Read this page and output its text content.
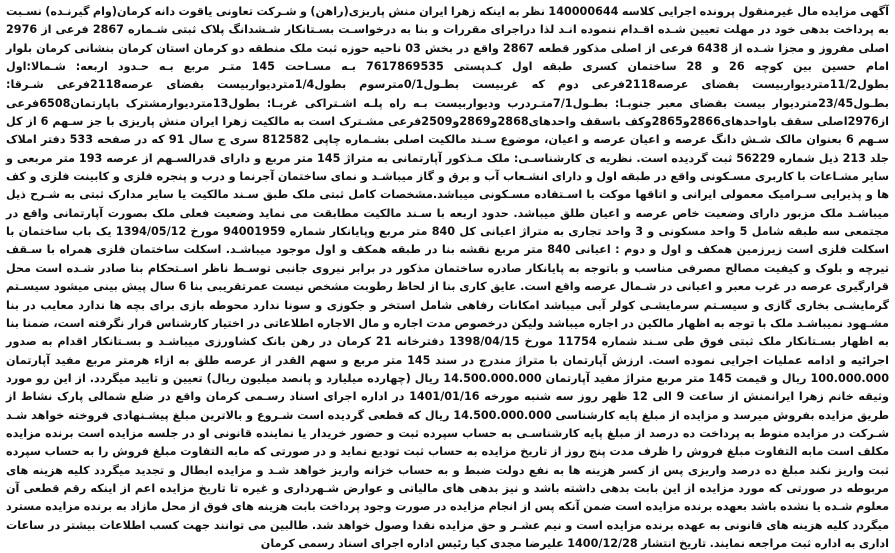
آگهی مزایده مال غیرمنقول پرونده اجرایی کلاسه 140000644 نظر به اینکه زهرا ایران منش پاریزی(راهن) و شـرکت تعاونی یاقوت دانه کرمان(وام گیرنـده) نسـبت به پرداخت بدهی خود در مهلت تعیین شـده اقـدام ننموده انـد لذا دراجرای مقررات و بنا به درخواسـت بسـتانکار شـشدانگ پلاک ثبتی شـماره 2867 فرعی از 2976 اصلی مفروز و مجزا شـده از 6438 فرعی از اصلی مذکور قطعه 2867 واقع در بخش 03 ناحیه حوزه ثبت ملک منطقه دو کرمان استان کرمان بنشانی کرمان بلوار امام حسین بین کوچه 26 و 28 ساختمان کسری طبقه اول کـدپستی 7617869535 بـه مسـاحت 145 متـر مربع بـه حـدود اربعه: شـمالا:اول بطول11/2متردیواربیست بفضای عرصه2118فرعی دوم که غربیست بطـول0/1مترسوم بطول1/4متردیواربیست بفضای عرصه2118فرعی شـرقا: بطـول23/45متردیوار بیست بفضای معبر جنوبـا: بطـول7/1متـردرب وديواربيست بـه راه پلـه اشـتراکی غربـا: بطول13مترديوارمشترک باپارتمان6508فرعی از2976اصلی سقف باواحدهای2866و2865وکف باسقف واحدهای2868و2869و2509فرعی مشـترک است به مالکیت زهرا ایران منش پاریزی با جز سـهم 6 از کل سـهم 6 بعنوان مالک شـش دانگ عرصه و اعیان عرصه و اعیان، موضوع سـند مالکیت اصلی بشـماره چاپی 812582 سری ج سال 91 که در صفحه 533 دفتر املاک جلد 213 ذیل شماره 56229 ثبت گردیده است. نظریه ی کارشناسـی: ملک مـذکور آپارتمانی به متراژ 145 متر مربع و دارای قدرالسـهم از عرصه 193 متر مربعی و سایر مشـاعات با کاربری مسـکونی واقع در طبقه اول و دارای انشـعاب آب و برق و گاز میباشـد و نمای ساختمان آجرنما و درب و پنجره فلزی و کابینت فلزی و کف ها و پذیرایی سـرامیک معمولی ایرانی و اتاقها موکت با اسـتفاده مسـکونی میباشد.مشخصات کامل ثبتی ملک طبق سـند مالکیت یا سایر مدارک ثبتی به شـرح ذیل میباشـد ملک مزبور دارای وضعیت خاص عرصه و اعیان طلق میباشد. حدود اربعه با سـند مالکیت مطابقت می نماید وضعیت فعلی ملک بصورت آپارتمانی واقع در مجتمعی سه طبقه شامل 5 واحد مسکونی و 3 واحد تجاری به متراژ اعیانی کل 840 متر مربع وپایانکار شماره 94001959 مورخ 1394/05/12 یک باب ساختمان با اسکلت فلزی است زیرزمین همکف و اول و دوم : اعیانی 840 متر مربع نقشه بنا در طبقه همکف و اول موجود میباشـد. اسکلت ساختمان فلزی همراه با سـقف تیرچه و بلوک و کیفیت مصالح مصرفی مناسب و باتوجه به پایانکار صادره ساختمان مذکور در برابر نیروی جانبی توسـط ناظر اسـتحکام بنا صادر شـده است محل قرارگیری عرصه در غرب معبر و اعیانی در شـمال عرصه واقع است. عایق کاری بنا از لحاظ رطوبت مشخص نیست عمرتقریبی بنا 6 سال پیش بینی میشود سیسـتم گرمایشـی بخاری گازی و سیسـتم سرمایشـی کولر آبی میباشد امکانات رفاهی شامل استخر و جکوزی و سونا ندارد محوطه بازی برای بچه ها ندارد معایب در بنا مشـهود نمیباشـد ملک با توجه به اظهار مالکین در اجاره میباشد ولیکن درخصوص مدت اجاره و مال الاجاره اطلاعاتی در اختیار کارشناس قرار نگرفته است، ضمنا بنا به اظهار بسـتانکار ملک ثبتی فوق طی سـند شماره 11754 مورخ 1398/04/15 دفترخانه 21 کرمان در رهن بانک کشاورزی میباشـد و بسـتانکار اقدام به صدور اجرائیه و ادامه عملیات اجرایی نموده است. ارزش آپارتمان با متراژ مندرج در سند 145 متر مربع و سهم القدر از عرصه طلق به ازاء هرمتر مربع مفید آپارتمان 100.000.000 ریال و قیمت 145 متر مربع متراژ مفید آپارتمان 14.500.000.000 ریال (چهارده میلیارد و پانصد میلیون ریال) تعیین و تایید میگردد. از این رو مورد وثیقه خانم زهرا ایرانمنش از ساعت 9 الی 12 ظهر روز سه شنبه مورخه 1401/01/16 در اداره اجرای اسناد رسـمی کرمان واقع در ضلع شمالی پارک نشاط از طریق مزایده بفروش میرسد و مزایده از مبلغ پایه کارشناسی 14.500.000.000 ریال که قطعی گردیده است شـروع و بالاترین مبلغ پیشـنهادی فروخته خواهد شـد شـرکت در مزایده منوط به پرداخت ده درصد از مبلغ پایه کارشناسـی به حساب سپرده ثبت و حضور خریدار یا نماینده قانونی او در جلسه مزایده است برنده مزایده مکلف است مابه التفاوت مبلغ فروش را ظرف مدت پنج روز از تاریخ مزایده به حساب ثبت تودیع نماید و در صورتی که مابه التفاوت مبلغ فروش را به حساب سپرده ثبت واریز نکند مبلغ ده درصد واریزی پس از کسر هزینه ها به نفع دولت ضبط و به حساب خزانه واریز خواهد شـد و مزایده ابطال و تجدید میگردد کلیه هزینه های مربوطه در صورتی که مورد مزایده از این بابت بدهی داشته باشد و نیز بدهی های مالیاتی و عوارض شـهرداری و غیره تا تاریخ مزایده اعم از اینکه رقم قطعی آن معلوم شـده یا نشده باشد بعهده برنده مزایده است ضمن آنکه پس از انجام مزایده در صورت وجود پرداخت بابت هزینه های فوق از محل مازاد به برنده مزایده مسترد میگردد کلیه هزینه های قانونی به عهده برنده مزایده است و نیم عشـر و حق مزایده نقدا وصول خواهد شد. طالبین می توانند جهت کسب اطلاعات بیشتر در ساعات اداری به اداره ثبت مراجعه نمایند. تاریخ انتشار 1400/12/28 علیرضا مجدی کیا رئیس اداره اجرای اسناد رسمی کرمان
